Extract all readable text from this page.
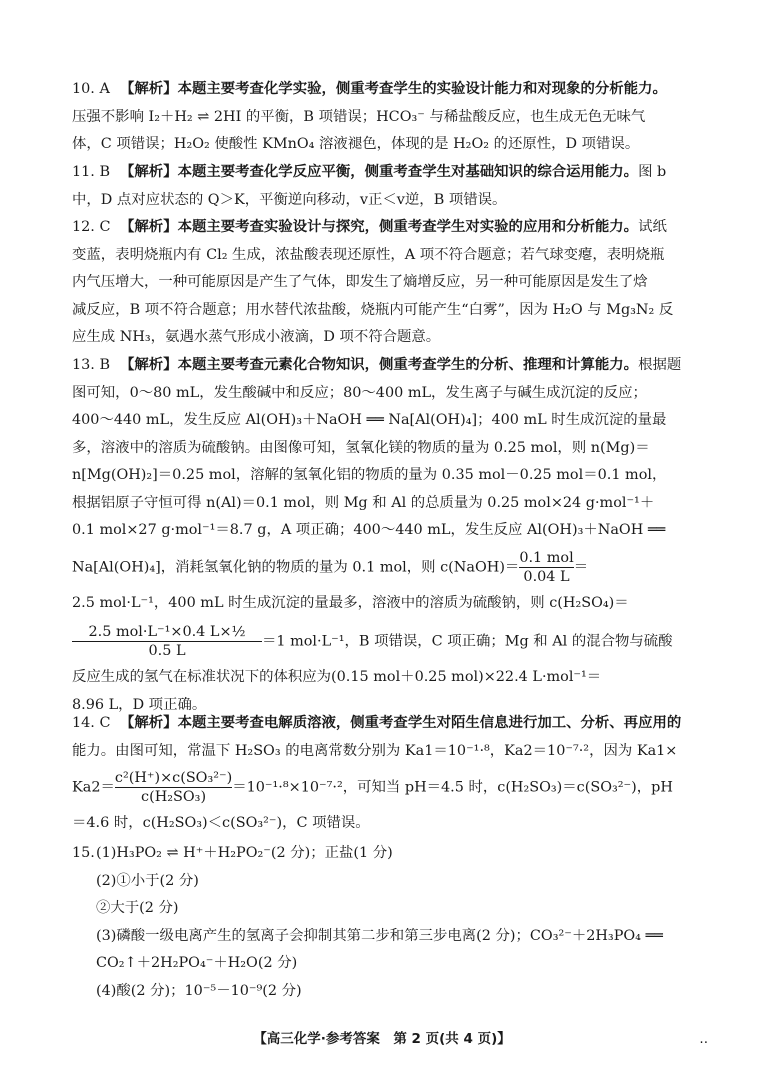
10. A 【解析】本题主要考查化学实验，侧重考查学生的实验设计能力和对现象的分析能力。
压强不影响 I₂＋H₂ ⇌ 2HI 的平衡，B 项错误；HCO₃⁻ 与稀盐酸反应，也生成无色无味气
体，C 项错误；H₂O₂ 使酸性 KMnO₄ 溶液褪色，体现的是 H₂O₂ 的还原性，D 项错误。
11. B 【解析】本题主要考查化学反应平衡，侧重考查学生对基础知识的综合运用能力。图 b
中，D 点对应状态的 Q＞K，平衡逆向移动，v正＜v逆，B 项错误。
12. C 【解析】本题主要考查实验设计与探究，侧重考查学生对实验的应用和分析能力。试纸
变蓝，表明烧瓶内有 Cl₂ 生成，浓盐酸表现还原性，A 项不符合题意；若气球变瘪，表明烧瓶
内气压增大，一种可能原因是产生了气体，即发生了熵增反应，另一种可能原因是发生了焓
减反应，B 项不符合题意；用水替代浓盐酸，烧瓶内可能产生“白雾”，因为 H₂O 与 Mg₃N₂ 反
应生成 NH₃，氨遇水蒸气形成小液滴，D 项不符合题意。
13. B 【解析】本题主要考查元素化合物知识，侧重考查学生的分析、推理和计算能力。根据题
图可知，0～80 mL，发生酸碱中和反应；80～400 mL，发生离子与碱生成沉淀的反应；
400～440 mL，发生反应 Al(OH)₃＋NaOH ══ Na[Al(OH)₄]；400 mL 时生成沉淀的量最
多，溶液中的溶质为硫酸钠。由图像可知，氢氧化镁的物质的量为 0.25 mol，则 n(Mg)＝
n[Mg(OH)₂]＝0.25 mol，溶解的氢氧化铝的物质的量为 0.35 mol－0.25 mol＝0.1 mol，
根据铝原子守恒可得 n(Al)＝0.1 mol，则 Mg 和 Al 的总质量为 0.25 mol×24 g·mol⁻¹＋
0.1 mol×27 g·mol⁻¹＝8.7 g，A 项正确；400～440 mL，发生反应 Al(OH)₃＋NaOH ══
Na[Al(OH)₄]，消耗氢氧化钠的物质的量为 0.1 mol，则 c(NaOH)＝ $\frac{\text{0.1 mol}}{0.04 L}$ ＝
2.5 mol·L⁻¹，400 mL 时生成沉淀的量最多，溶液中的溶质为硫酸钠，则 c(H₂SO₄)＝
$\frac{\text{2.5 mol·L⁻¹×0.4 L×½}}{0.5 L} =1$ mol·L⁻¹，B 项错误，C 项正确；Mg 和 Al 的混合物与硫酸
反应生成的氢气在标准状况下的体积应为(0.15 mol＋0.25 mol)×22.4 L·mol⁻¹＝
8.96 L，D 项正确。
14. C 【解析】本题主要考查电解质溶液，侧重考查学生对陌生信息进行加工、分析、再应用的
能力。由图可知，常温下 H₂SO₃ 的电离常数分别为 Ka1＝10⁻¹·⁸，Ka2＝10⁻⁷·²，因为 Ka1×
$Ka2= \frac{\text{c²(H⁺)×c(SO₃²⁻)}}{\text{c(H₂SO₃)}} =10^{-1}\cdot^8\times 10^{-7}\cdot^2$，可知当 pH＝4.5 时，c(H₂SO₃)＝c(SO₃²⁻)，pH
＝4.6 时，c(H₂SO₃)＜c(SO₃²⁻)，C 项错误。
15. (1)H₃PO₂ ⇌ H⁺＋H₂PO₂⁻(2 分)；正盐(1 分)
(2)①小于(2 分)
②大于(2 分)
(3)磷酸一级电离产生的氢离子会抑制其第二步和第三步电离(2 分)；CO₃²⁻＋2H₃PO₄ ══
CO₂↑＋2H₂PO₄⁻＋H₂O(2 分)
(4)酸(2 分)；10⁻⁵－10⁻⁹(2 分)
【高三化学·参考答案　第 2 页(共 4 页)】	..
